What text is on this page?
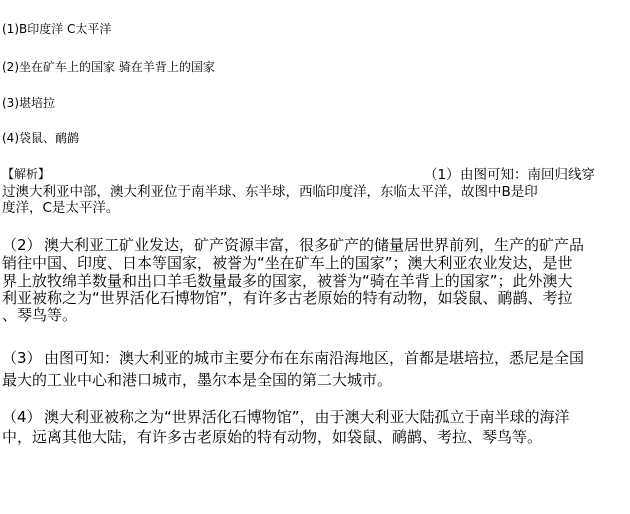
(1)B印度洋 C太平洋
(2)坐在矿车上的国家 骑在羊背上的国家
(3)堪培拉
(4)袋鼠、鸸鹋
【解析】	（1） 由图可知：南回归线穿
过澳大利亚中部，澳大利亚位于南半球、东半球，西临印度洋，东临太平洋，故图中B是印
度洋，C是太平洋。
（2） 澳大利亚工矿业发达，矿产资源丰富，很多矿产的储量居世界前列，生产的矿产品
销往中国、印度、日本等国家，被誉为“坐在矿车上的国家”；澳大利亚农业发达，是世
界上放牧绵羊数量和出口羊毛数量最多的国家，被誉为“骑在羊背上的国家”；此外澳大
利亚被称之为“世界活化石博物馆”，有许多古老原始的特有动物，如袋鼠、鸸鹋、考拉
、琴鸟等。
（3） 由图可知：澳大利亚的城市主要分布在东南沿海地区，首都是堪培拉，悉尼是全国
最大的工业中心和港口城市，墨尔本是全国的第二大城市。
（4） 澳大利亚被称之为“世界活化石博物馆”，由于澳大利亚大陆孤立于南半球的海洋
中，远离其他大陆，有许多古老原始的特有动物，如袋鼠、鸸鹋、考拉、琴鸟等。
